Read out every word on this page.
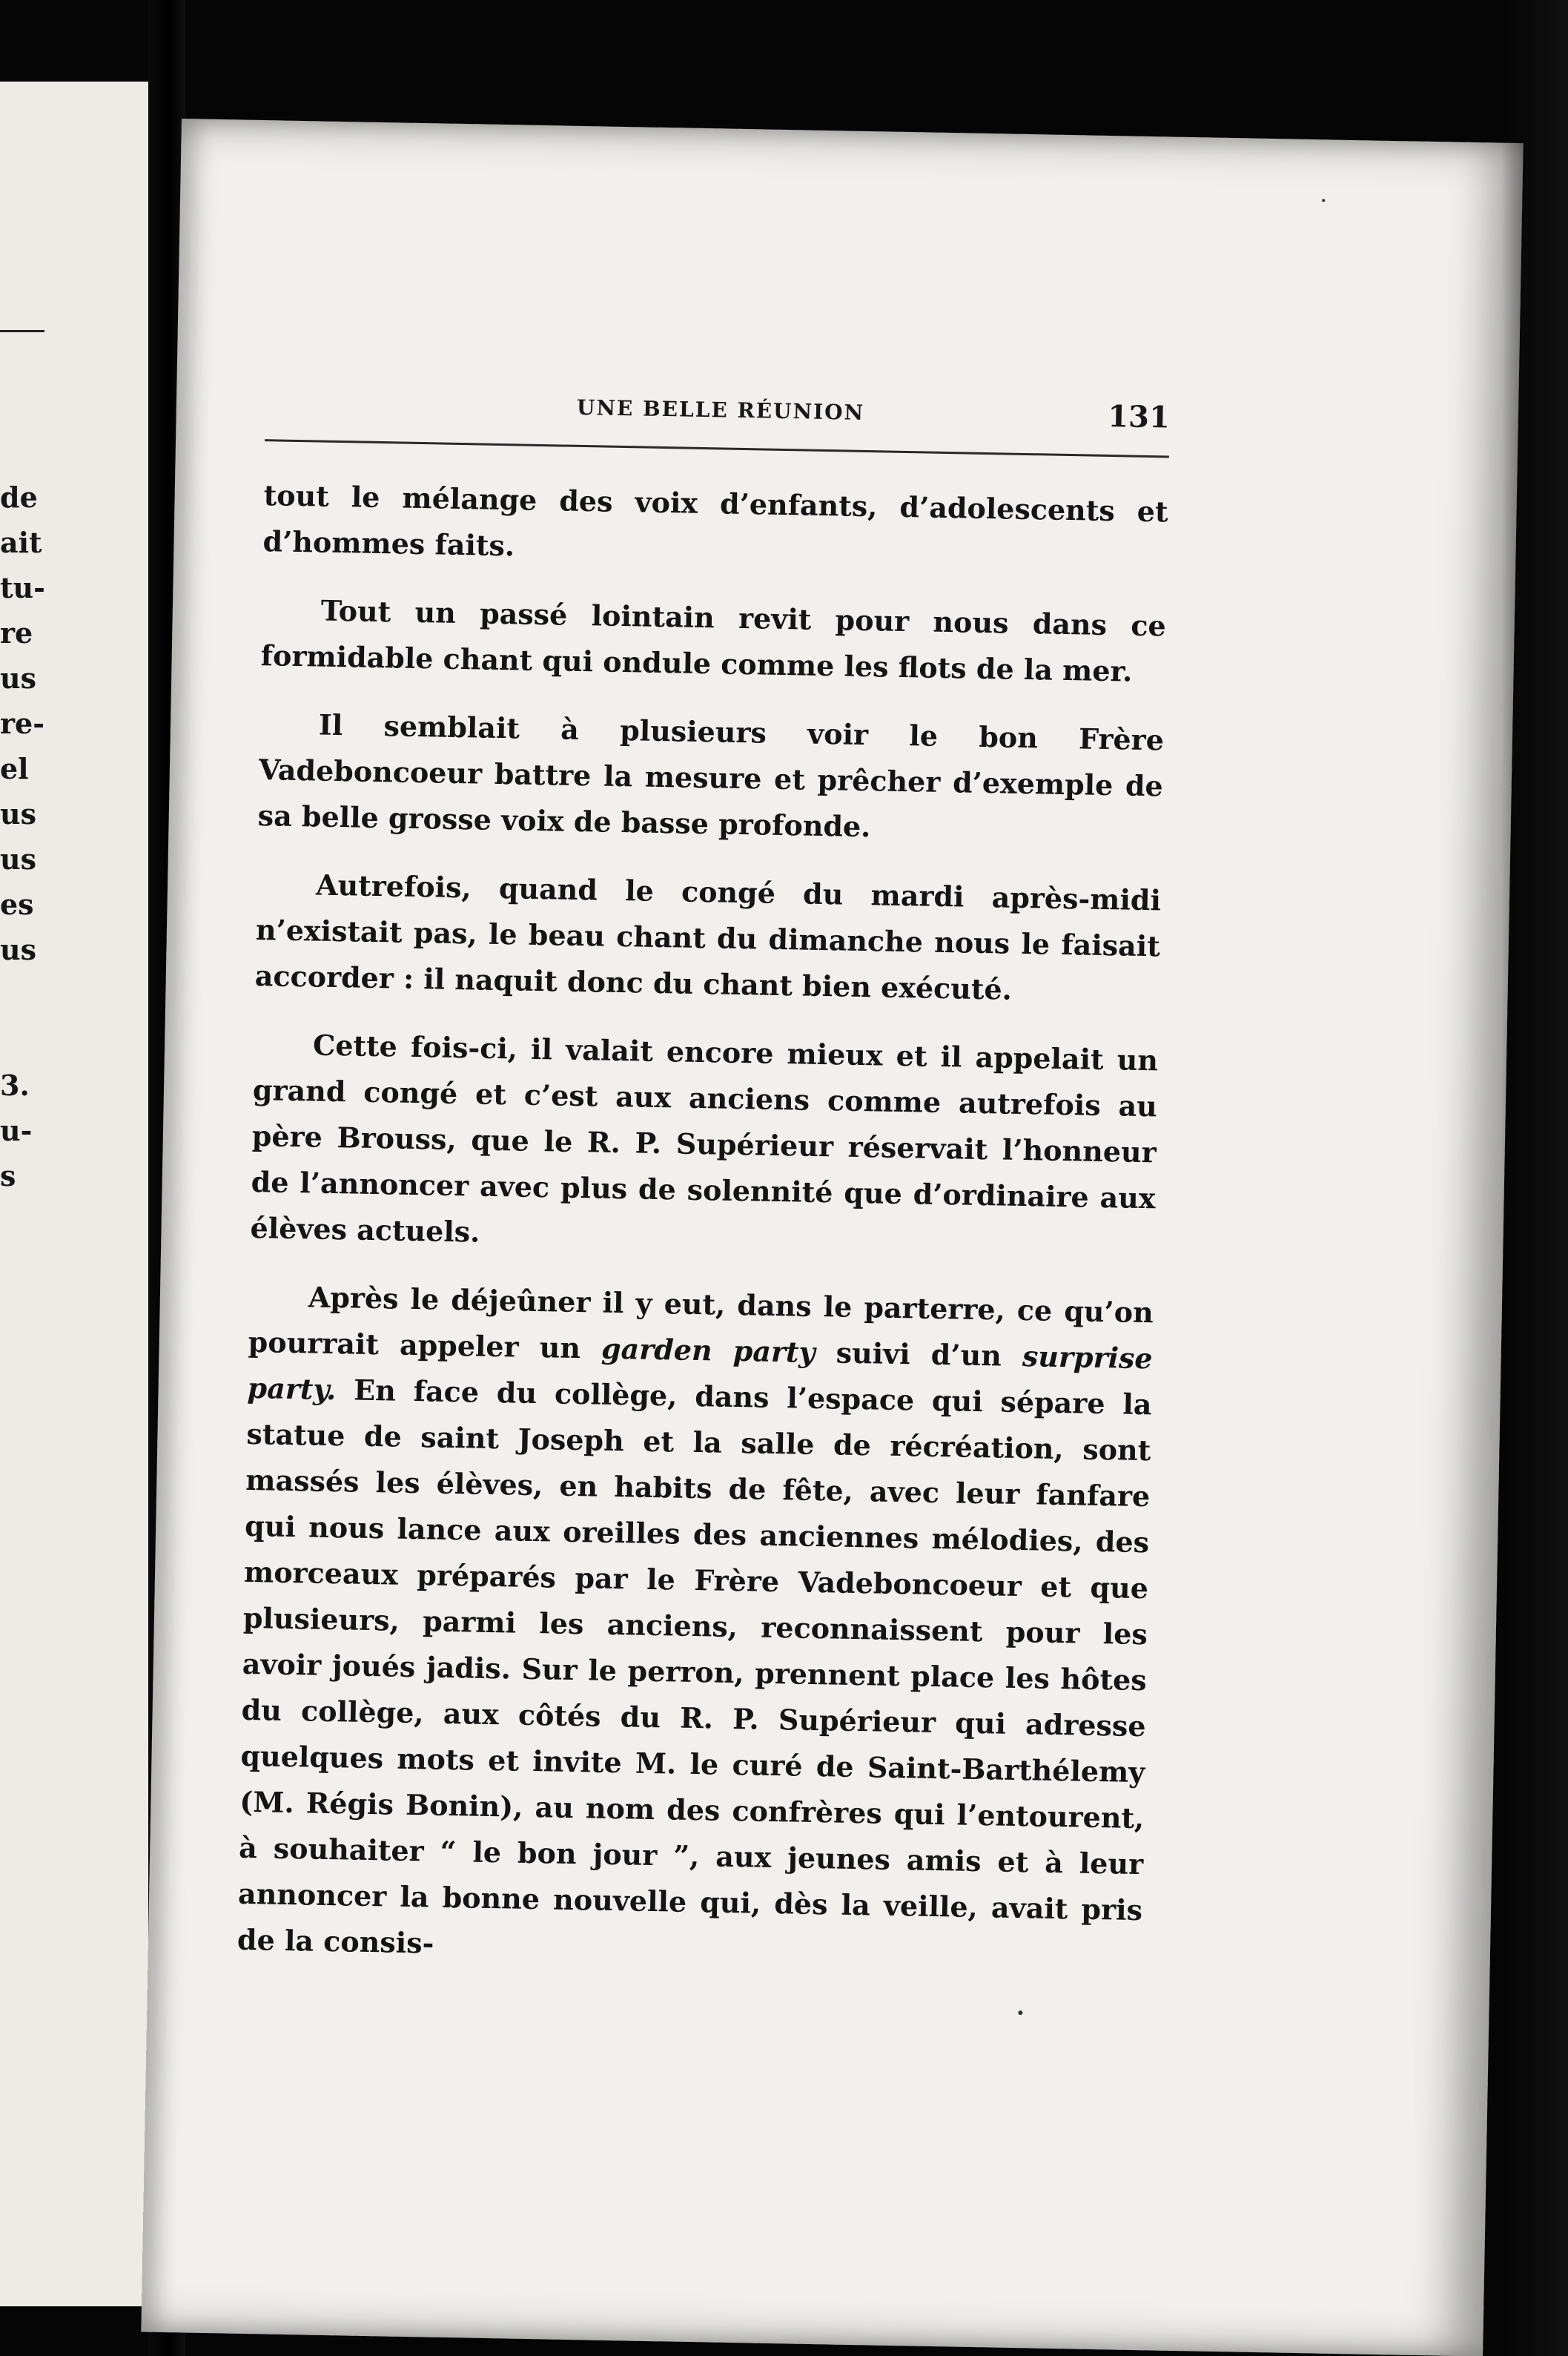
de
ait
tu-
re
us
re-
el
us
us
es
us
3.
u-
s
UNE BELLE RÉUNION	131

tout le mélange des voix d’enfants, d’adolescents et d’hommes faits.

Tout un passé lointain revit pour nous dans ce formidable chant qui ondule comme les flots de la mer.

Il semblait à plusieurs voir le bon Frère Vadeboncoeur battre la mesure et prêcher d’exemple de sa belle grosse voix de basse profonde.

Autrefois, quand le congé du mardi après-midi n’existait pas, le beau chant du dimanche nous le faisait accorder : il naquit donc du chant bien exécuté.

Cette fois-ci, il valait encore mieux et il appelait un grand congé et c’est aux anciens comme autrefois au père Brouss, que le R. P. Supérieur réservait l’honneur de l’annoncer avec plus de solennité que d’ordinaire aux élèves actuels.

Après le déjeûner il y eut, dans le parterre, ce qu’on pourrait appeler un garden party suivi d’un surprise party. En face du collège, dans l’espace qui sépare la statue de saint Joseph et la salle de récréation, sont massés les élèves, en habits de fête, avec leur fanfare qui nous lance aux oreilles des anciennes mélodies, des morceaux préparés par le Frère Vadeboncoeur et que plusieurs, parmi les anciens, reconnaissent pour les avoir joués jadis. Sur le perron, prennent place les hôtes du collège, aux côtés du R. P. Supérieur qui adresse quelques mots et invite M. le curé de Saint-Barthélemy (M. Régis Bonin), au nom des confrères qui l’entourent, à souhaiter “ le bon jour ”, aux jeunes amis et à leur annoncer la bonne nouvelle qui, dès la veille, avait pris de la consis-
